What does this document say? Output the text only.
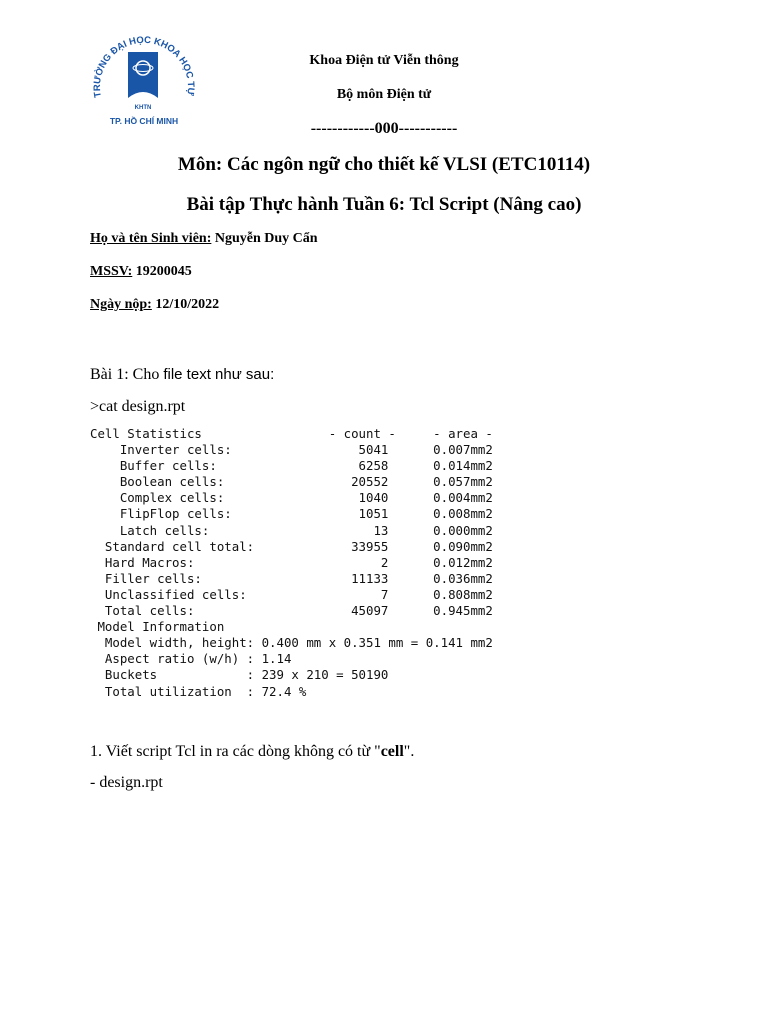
TRƯỜNG ĐẠI HỌC KHOA HỌC TỰ
KHTN
TP. HỒ CHÍ MINH
Khoa Điện tử Viễn thông
Bộ môn Điện tử
------------000-----------
Môn: Các ngôn ngữ cho thiết kế VLSI (ETC10114)
Bài tập Thực hành Tuần 6: Tcl Script (Nâng cao)
Họ và tên Sinh viên: Nguyễn Duy Cẩn
MSSV: 19200045
Ngày nộp: 12/10/2022
Bài 1: Cho file text như sau:
>cat design.rpt
Cell Statistics                 - count -     - area -
Inverter cells:                 5041      0.007mm2
Buffer cells:                   6258      0.014mm2
Boolean cells:                 20552      0.057mm2
Complex cells:                  1040      0.004mm2
FlipFlop cells:                 1051      0.008mm2
Latch cells:                      13      0.000mm2
Standard cell total:             33955      0.090mm2
Hard Macros:                         2      0.012mm2
Filler cells:                    11133      0.036mm2
Unclassified cells:                  7      0.808mm2
Total cells:                     45097      0.945mm2
Model Information
Model width, height: 0.400 mm x 0.351 mm = 0.141 mm2
Aspect ratio (w/h) : 1.14
Buckets            : 239 x 210 = 50190
Total utilization  : 72.4 %
1. Viết script Tcl in ra các dòng không có từ "cell".
- design.rpt
